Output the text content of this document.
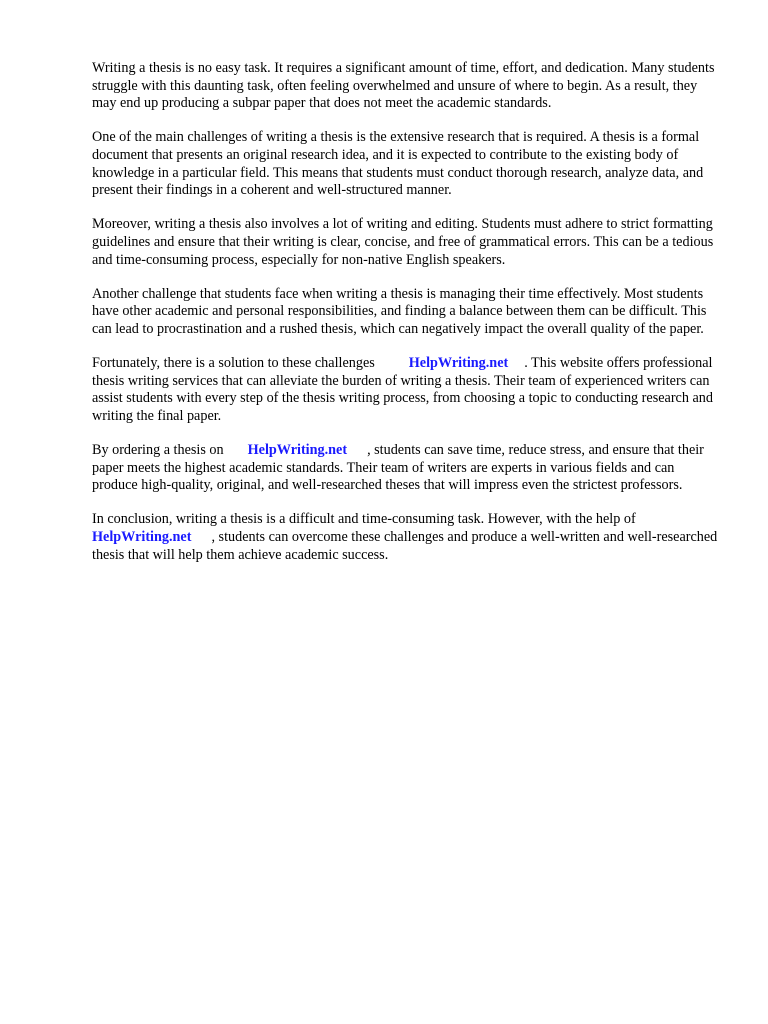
Writing a thesis is no easy task. It requires a significant amount of time, effort, and dedication. Many students struggle with this daunting task, often feeling overwhelmed and unsure of where to begin. As a result, they may end up producing a subpar paper that does not meet the academic standards.

One of the main challenges of writing a thesis is the extensive research that is required. A thesis is a formal document that presents an original research idea, and it is expected to contribute to the existing body of knowledge in a particular field. This means that students must conduct thorough research, analyze data, and present their findings in a coherent and well-structured manner.

Moreover, writing a thesis also involves a lot of writing and editing. Students must adhere to strict formatting guidelines and ensure that their writing is clear, concise, and free of grammatical errors. This can be a tedious and time-consuming process, especially for non-native English speakers.

Another challenge that students face when writing a thesis is managing their time effectively. Most students have other academic and personal responsibilities, and finding a balance between them can be difficult. This can lead to procrastination and a rushed thesis, which can negatively impact the overall quality of the paper.

Fortunately, there is a solution to these challenges HelpWriting.net . This website offers professional thesis writing services that can alleviate the burden of writing a thesis. Their team of experienced writers can assist students with every step of the thesis writing process, from choosing a topic to conducting research and writing the final paper.

By ordering a thesis on HelpWriting.net , students can save time, reduce stress, and ensure that their paper meets the highest academic standards. Their team of writers are experts in various fields and can produce high-quality, original, and well-researched theses that will impress even the strictest professors.

In conclusion, writing a thesis is a difficult and time-consuming task. However, with the help of HelpWriting.net , students can overcome these challenges and produce a well-written and well-researched thesis that will help them achieve academic success.
